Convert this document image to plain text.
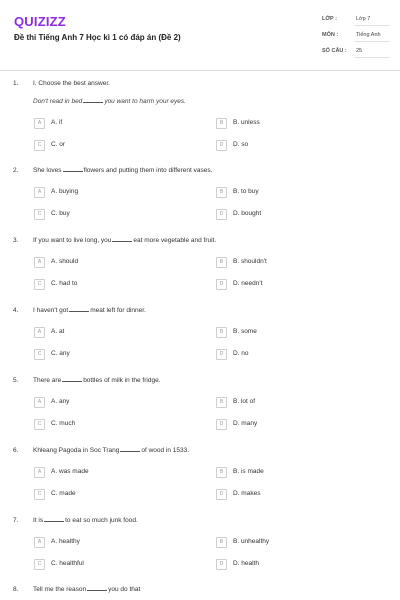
QUIZIZZ
Đề thi Tiếng Anh 7 Học kì 1 có đáp án (Đề 2)
LỚP :	Lớp 7
MÔN :	Tiếng Anh
SỐ CÂU : 25
1. I. Choose the best answer.
Don't read in bed	you want to harm your eyes.
A	A. if	B	B. unless
C	C. or	D	D. so
2. She loves	flowers and putting them into different vases.
A	A. buying	B	B. to buy
C	C. buy	D	D. bought
3. If you want to live long, you	eat more vegetable and fruit.
A	A. should	B	B. shouldn't
C	C. had to	D	D. needn't
4. I haven't got	meat left for dinner.
A	A. at	B	B. some
C	C. any	D	D. no
5. There are	bottles of milk in the fridge.
A	A. any	B	B. lot of
C	C. much	D	D. many
6. Khleang Pagoda in Soc Trang	of wood in 1533.
A	A. was made	B	B. is made
C	C. made	D	D. makes
7. It is	to eat so much junk food.
A	A. healthy	B	B. unhealthy
C	C. healthful	D	D. health
8. Tell me the reason	you do that
